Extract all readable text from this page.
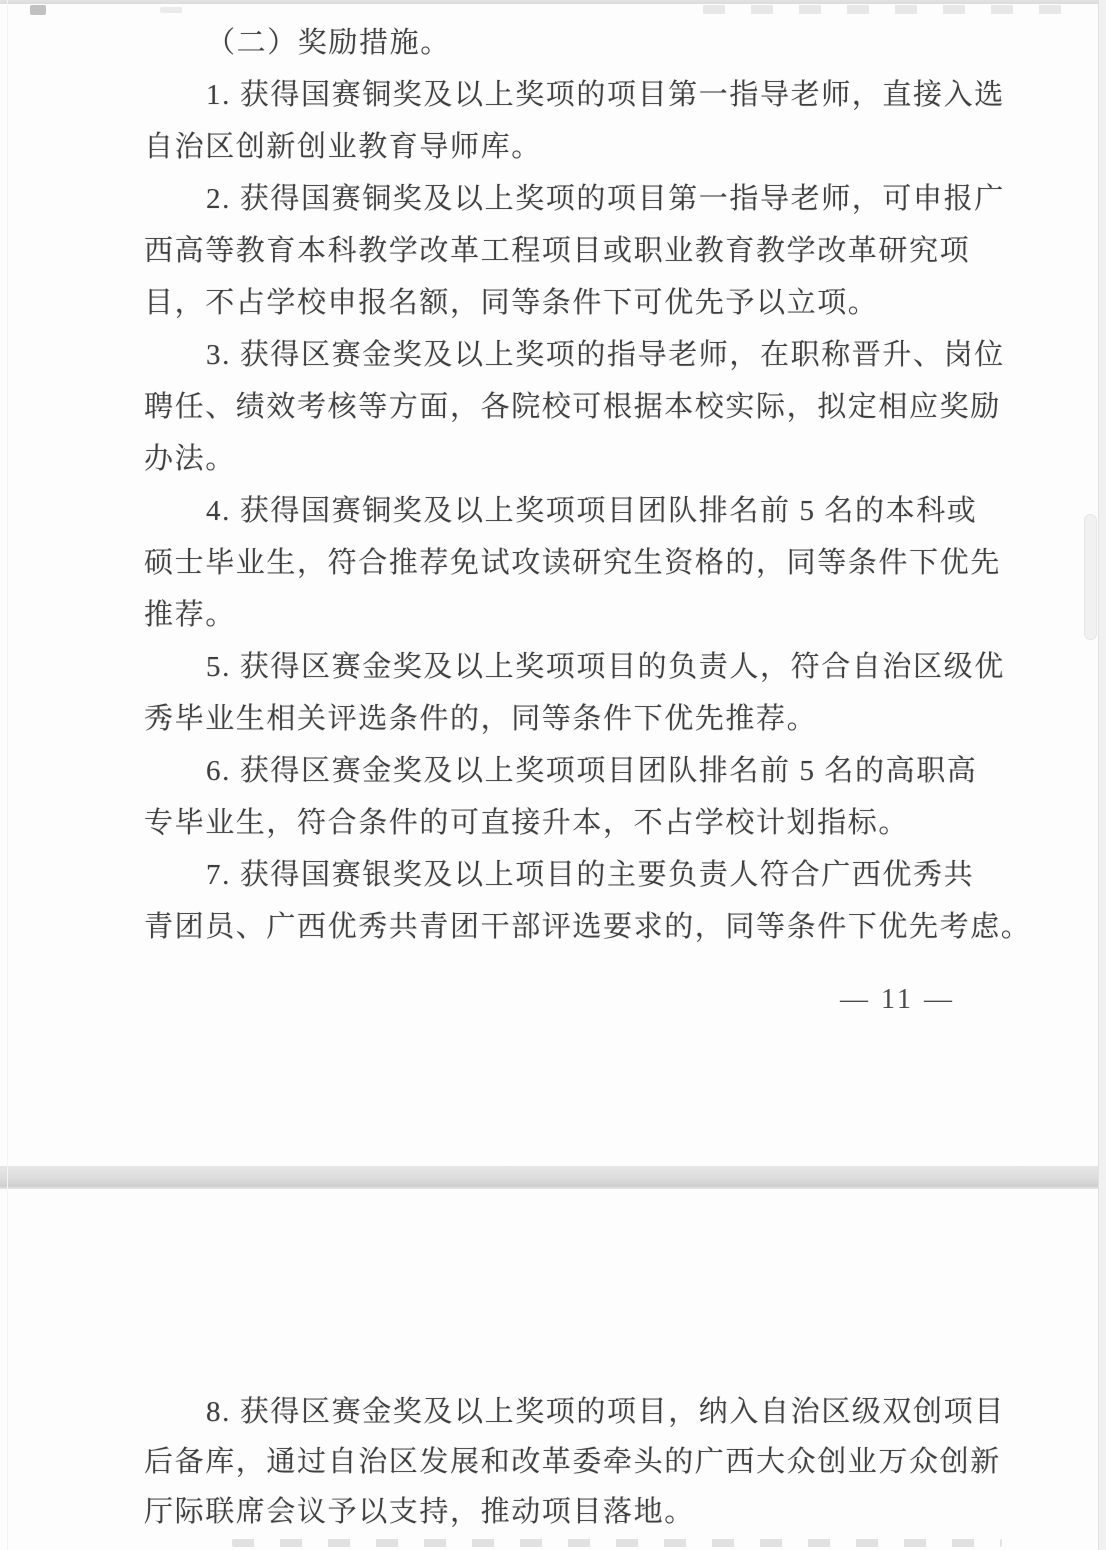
（二）奖励措施。
1. 获得国赛铜奖及以上奖项的项目第一指导老师，直接入选
自治区创新创业教育导师库。
2. 获得国赛铜奖及以上奖项的项目第一指导老师，可申报广
西高等教育本科教学改革工程项目或职业教育教学改革研究项
目，不占学校申报名额，同等条件下可优先予以立项。
3. 获得区赛金奖及以上奖项的指导老师，在职称晋升、岗位
聘任、绩效考核等方面，各院校可根据本校实际，拟定相应奖励
办法。
4. 获得国赛铜奖及以上奖项项目团队排名前 5 名的本科或
硕士毕业生，符合推荐免试攻读研究生资格的，同等条件下优先
推荐。
5. 获得区赛金奖及以上奖项项目的负责人，符合自治区级优
秀毕业生相关评选条件的，同等条件下优先推荐。
6. 获得区赛金奖及以上奖项项目团队排名前 5 名的高职高
专毕业生，符合条件的可直接升本，不占学校计划指标。
7. 获得国赛银奖及以上项目的主要负责人符合广西优秀共
青团员、广西优秀共青团干部评选要求的，同等条件下优先考虑。
— 11 —
8. 获得区赛金奖及以上奖项的项目，纳入自治区级双创项目
后备库，通过自治区发展和改革委牵头的广西大众创业万众创新
厅际联席会议予以支持，推动项目落地。
